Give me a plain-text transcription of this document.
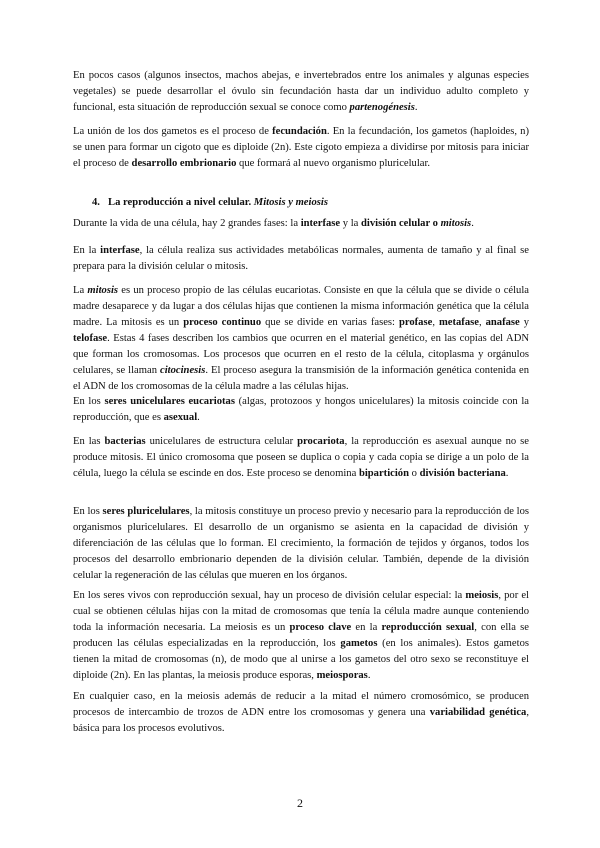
En pocos casos (algunos insectos, machos abejas, e invertebrados entre los animales y algunas especies vegetales) se puede desarrollar el óvulo sin fecundación hasta dar un individuo adulto completo y funcional, esta situación de reproducción sexual se conoce como partenogénesis.

La unión de los dos gametos es el proceso de fecundación. En la fecundación, los gametos (haploides, n) se unen para formar un cigoto que es diploide (2n). Este cigoto empieza a dividirse por mitosis para iniciar el proceso de desarrollo embrionario que formará al nuevo organismo pluricelular.

4. La reproducción a nivel celular. Mitosis y meiosis

Durante la vida de una célula, hay 2 grandes fases: la interfase y la división celular o mitosis.

En la interfase, la célula realiza sus actividades metabólicas normales, aumenta de tamaño y al final se prepara para la división celular o mitosis.

La mitosis es un proceso propio de las células eucariotas. Consiste en que la célula que se divide o célula madre desaparece y da lugar a dos células hijas que contienen la misma información genética que la célula madre. La mitosis es un proceso continuo que se divide en varias fases: profase, metafase, anafase y telofase. Estas 4 fases describen los cambios que ocurren en el material genético, en las copias del ADN que forman los cromosomas. Los procesos que ocurren en el resto de la célula, citoplasma y orgánulos celulares, se llaman citocinesis. El proceso asegura la transmisión de la información genética contenida en el ADN de los cromosomas de la célula madre a las células hijas.

En los seres unicelulares eucariotas (algas, protozoos y hongos unicelulares) la mitosis coincide con la reproducción, que es asexual.

En las bacterias unicelulares de estructura celular procariota, la reproducción es asexual aunque no se produce mitosis. El único cromosoma que poseen se duplica o copia y cada copia se dirige a un polo de la célula, luego la célula se escinde en dos. Este proceso se denomina bipartición o división bacteriana.

En los seres pluricelulares, la mitosis constituye un proceso previo y necesario para la reproducción de los organismos pluricelulares. El desarrollo de un organismo se asienta en la capacidad de división y diferenciación de las células que lo forman. El crecimiento, la formación de tejidos y órganos, todos los procesos del desarrollo embrionario dependen de la división celular. También, depende de la división celular la regeneración de las células que mueren en los órganos.

En los seres vivos con reproducción sexual, hay un proceso de división celular especial: la meiosis, por el cual se obtienen células hijas con la mitad de cromosomas que tenía la célula madre aunque conteniendo toda la información necesaria. La meiosis es un proceso clave en la reproducción sexual, con ella se producen las células especializadas en la reproducción, los gametos (en los animales). Estos gametos tienen la mitad de cromosomas (n), de modo que al unirse a los gametos del otro sexo se reconstituye el diploide (2n). En las plantas, la meiosis produce esporas, meiosporas.

En cualquier caso, en la meiosis además de reducir a la mitad el número cromosómico, se producen procesos de intercambio de trozos de ADN entre los cromosomas y genera una variabilidad genética, básica para los procesos evolutivos.

2
